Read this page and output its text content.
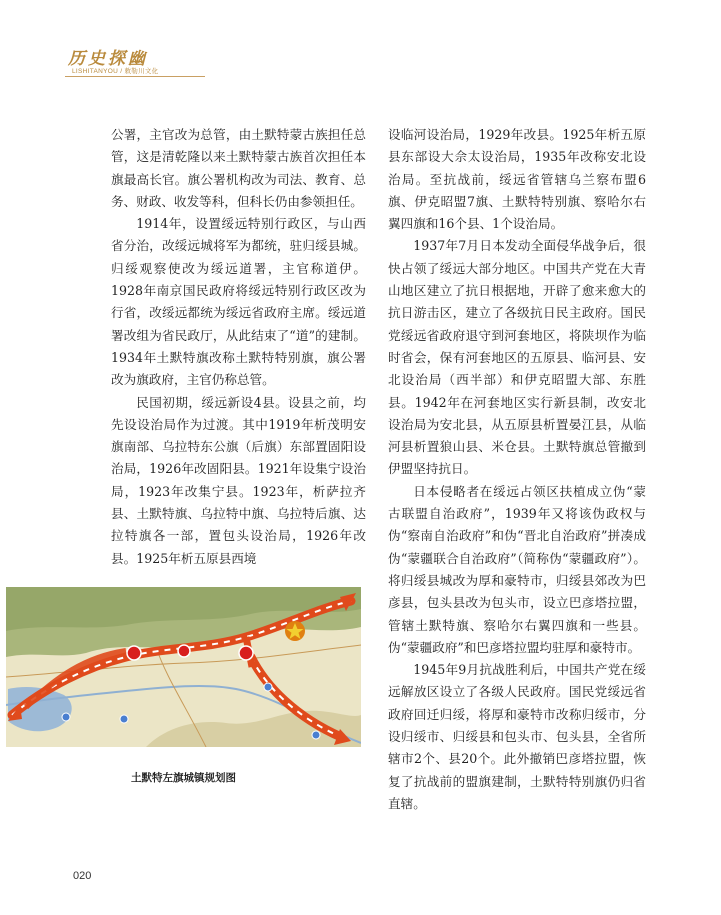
历史探幽
LISHITANYOU / 敕勒川文化

公署，主官改为总管，由土默特蒙古族担任总管，这是清乾隆以来土默特蒙古族首次担任本旗最高长官。旗公署机构改为司法、教育、总务、财政、收发等科，但科长仍由参领担任。

1914年，设置绥远特别行政区，与山西省分治，改绥远城将军为都统，驻归绥县城。归绥观察使改为绥远道署，主官称道伊。1928年南京国民政府将绥远特别行政区改为行省，改绥远都统为绥远省政府主席。绥远道署改组为省民政厅，从此结束了“道”的建制。1934年土默特旗改称土默特特别旗，旗公署改为旗政府，主官仍称总管。

民国初期，绥远新设4县。设县之前，均先设设治局作为过渡。其中1919年析茂明安旗南部、乌拉特东公旗（后旗）东部置固阳设治局，1926年改固阳县。1921年设集宁设治局，1923年改集宁县。1923年，析萨拉齐县、土默特旗、乌拉特中旗、乌拉特后旗、达拉特旗各一部，置包头设治局，1926年改县。1925年析五原县西境

设临河设治局，1929年改县。1925年析五原县东部设大佘太设治局，1935年改称安北设治局。至抗战前，绥远省管辖乌兰察布盟6旗、伊克昭盟7旗、土默特特别旗、察哈尔右翼四旗和16个县、1个设治局。

1937年7月日本发动全面侵华战争后，很快占领了绥远大部分地区。中国共产党在大青山地区建立了抗日根据地，开辟了愈来愈大的抗日游击区，建立了各级抗日民主政府。国民党绥远省政府退守到河套地区，将陕坝作为临时省会，保有河套地区的五原县、临河县、安北设治局（西半部）和伊克昭盟大部、东胜县。1942年在河套地区实行新县制，改安北设治局为安北县，从五原县析置晏江县，从临河县析置狼山县、米仓县。土默特旗总管撤到伊盟坚持抗日。

日本侵略者在绥远占领区扶植成立伪“蒙古联盟自治政府”，1939年又将该伪政权与伪“察南自治政府”和伪“晋北自治政府”拼凑成伪“蒙疆联合自治政府”（简称伪“蒙疆政府”）。将归绥县城改为厚和豪特市，归绥县郊改为巴彦县，包头县改为包头市，设立巴彦塔拉盟，管辖土默特旗、察哈尔右翼四旗和一些县。伪“蒙疆政府”和巴彦塔拉盟均驻厚和豪特市。

1945年9月抗战胜利后，中国共产党在绥远解放区设立了各级人民政府。国民党绥远省政府回迁归绥，将厚和豪特市改称归绥市，分设归绥市、归绥县和包头市、包头县，全省所辖市2个、县20个。此外撤销巴彦塔拉盟，恢复了抗战前的盟旗建制，土默特特别旗仍归省直辖。

土默特左旗城镇规划图
020
